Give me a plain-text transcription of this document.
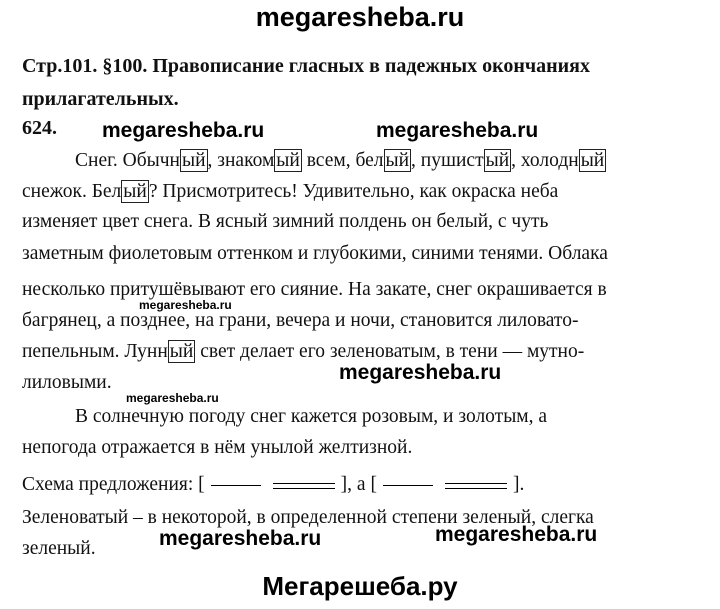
megaresheba.ru
Стр.101. §100. Правописание гласных в падежных окончаниях прилагательных.
624. megaresheba.ru	megaresheba.ru
Снег. Обычн ый , знаком ый всем, бел ый , пушист ый , холодн ый
снежок. Бел ый ? Присмотритесь! Удивительно, как окраска неба
изменяет цвет снега. В ясный зимний полдень он белый, с чуть
заметным фиолетовым оттенком и глубокими, синими тенями. Облака
несколько притушёвывают его сияние. На закате, снег окрашивается в
megaresheba.ru
багрянец, а позднее, на грани, вечера и ночи, становится лиловато-
пепельным. Лунн ый свет делает его зеленоватым, в тени — мутно-
megaresheba.ru
лиловыми.
megaresheba.ru
В солнечную погоду снег кажется розовым, и золотым, а
непогода отражается в нём унылой желтизной.
Схема предложения: [	], а [	].
Зеленоватый – в некоторой, в определенной степени зеленый, слегка
зеленый.	megaresheba.ru	megaresheba.ru
Мегарешеба.ру
